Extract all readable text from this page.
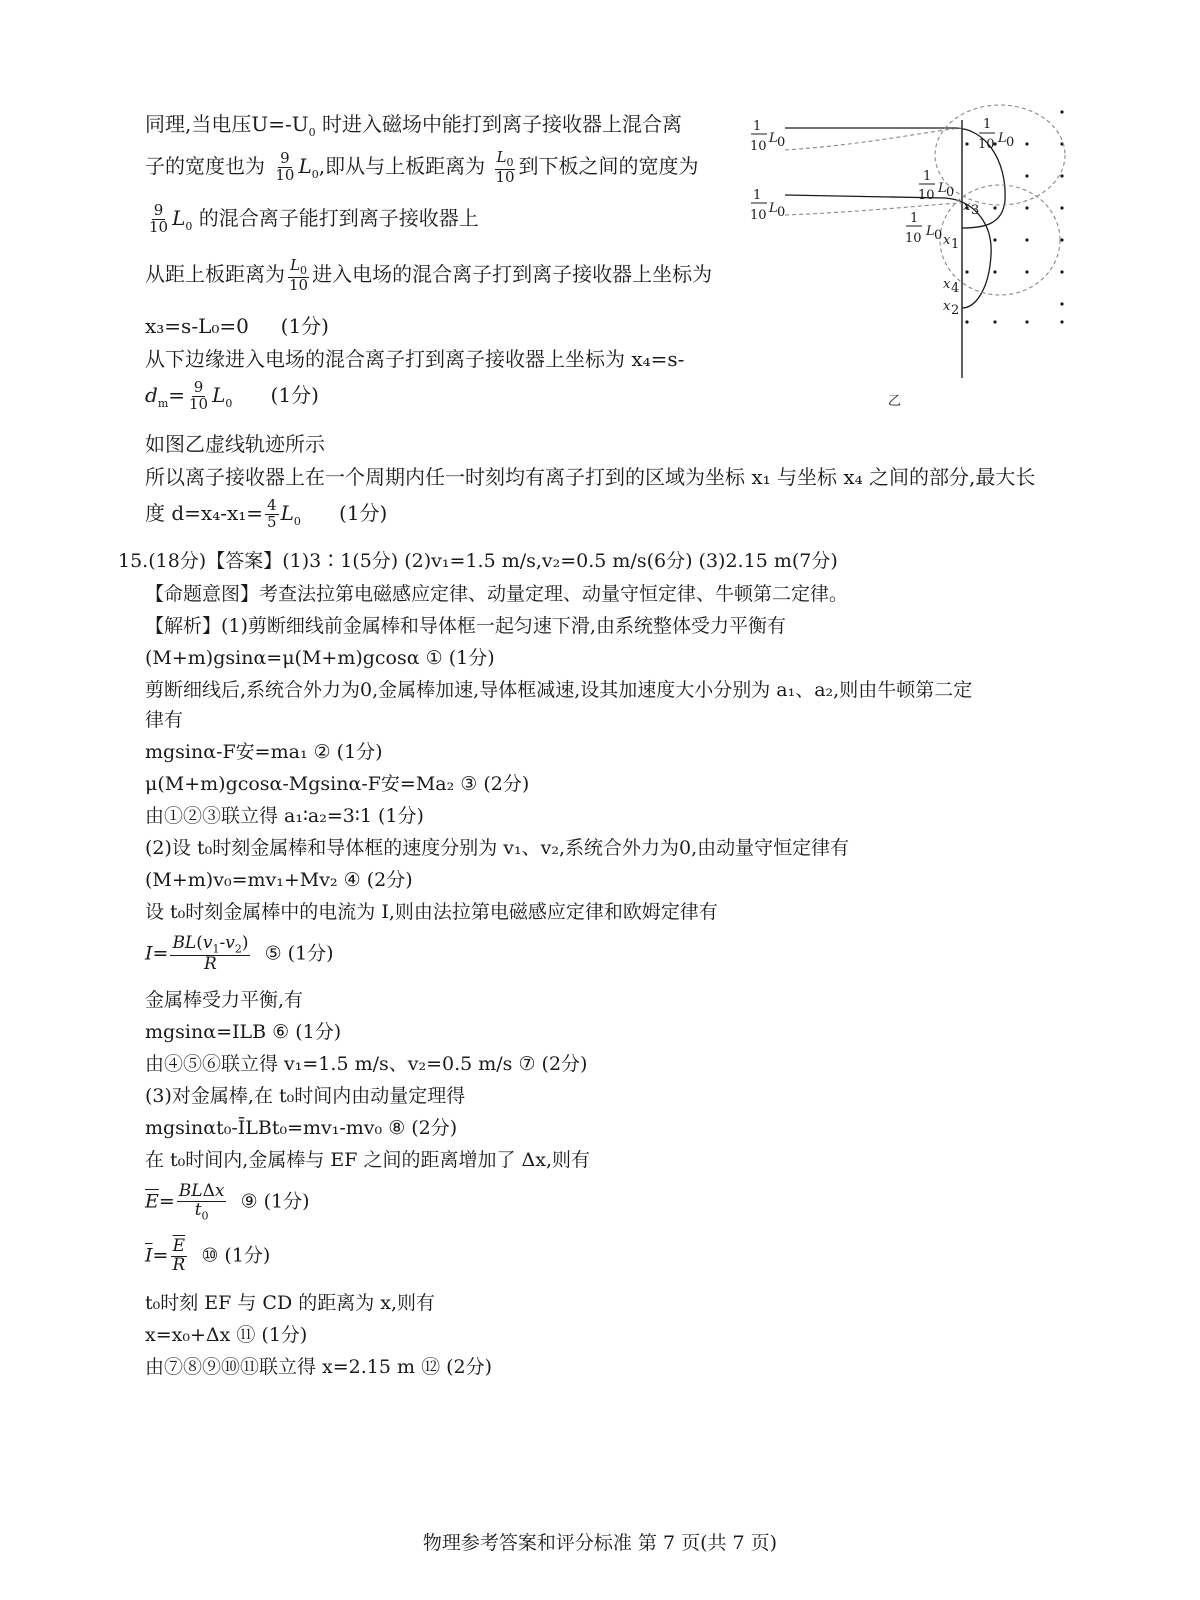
同理,当电压$U=-U_0$ 时进入磁场中能打到离子接收器上混合离
子的宽度也为 $\frac{9}{10} L_0$,即从与上板距离为 $\frac{L_0}{10}$ 到下板之间的宽度为
$\frac{9}{10} L_0$ 的混合离子能打到离子接收器上
从距上板距离为 $\frac{L_0}{10}$ 进入电场的混合离子打到离子接收器上坐标为
x₃=s-L₀=0 (1分)
从下边缘进入电场的混合离子打到离子接收器上坐标为 x₄=s-
$d_m= \frac{9}{10} L_0$ (1分)
如图乙虚线轨迹所示
所以离子接收器上在一个周期内任一时刻均有离子打到的区域为坐标 x₁ 与坐标 x₄ 之间的部分,最大长
度 $d=x_4-x_1= \frac{4}{5} L_0$ (1分)
1
10
L 0
1
10 L 0
1
10 L 0
1
10 L 0	1
10 L 0
x 3
x 1
x 4
x 2
乙
15.(18分)【答案】(1)3∶1(5分) (2)v₁=1.5 m/s,v₂=0.5 m/s(6分) (3)2.15 m(7分)
【命题意图】考查法拉第电磁感应定律、动量定理、动量守恒定律、牛顿第二定律。
【解析】(1)剪断细线前金属棒和导体框一起匀速下滑,由系统整体受力平衡有
(M+m)gsinα=μ(M+m)gcosα ① (1分)
剪断细线后,系统合外力为0,金属棒加速,导体框减速,设其加速度大小分别为 a₁、a₂,则由牛顿第二定
律有
mgsinα-F安=ma₁ ② (1分)
μ(M+m)gcosα-Mgsinα-F安=Ma₂ ③ (2分)
由①②③联立得 a₁∶a₂=3∶1 (1分)
(2)设 t₀时刻金属棒和导体框的速度分别为 v₁、v₂,系统合外力为0,由动量守恒定律有
(M+m)v₀=mv₁+Mv₂ ④ (2分)
设 t₀时刻金属棒中的电流为 I,则由法拉第电磁感应定律和欧姆定律有
$I= \frac{BL(v_1-v_2)}{R}$ ⑤ (1分)
金属棒受力平衡,有
mgsinα=ILB ⑥ (1分)
由④⑤⑥联立得 v₁=1.5 m/s、v₂=0.5 m/s ⑦ (2分)
(3)对金属棒,在 t₀时间内由动量定理得
mgsinαt₀-ĪLBt₀=mv₁-mv₀ ⑧ (2分)
在 t₀时间内,金属棒与 EF 之间的距离增加了 Δx,则有
$\overline{E}= \frac{\text{BLΔx}}{t_0}$ ⑨ (1分)
$\overline{I}= \frac{\overline{E}}{R}$ ⑩ (1分)
t₀时刻 EF 与 CD 的距离为 x,则有
x=x₀+Δx ⑪ (1分)
由⑦⑧⑨⑩⑪联立得 x=2.15 m ⑫ (2分)
物理参考答案和评分标准 第 7 页(共 7 页)
